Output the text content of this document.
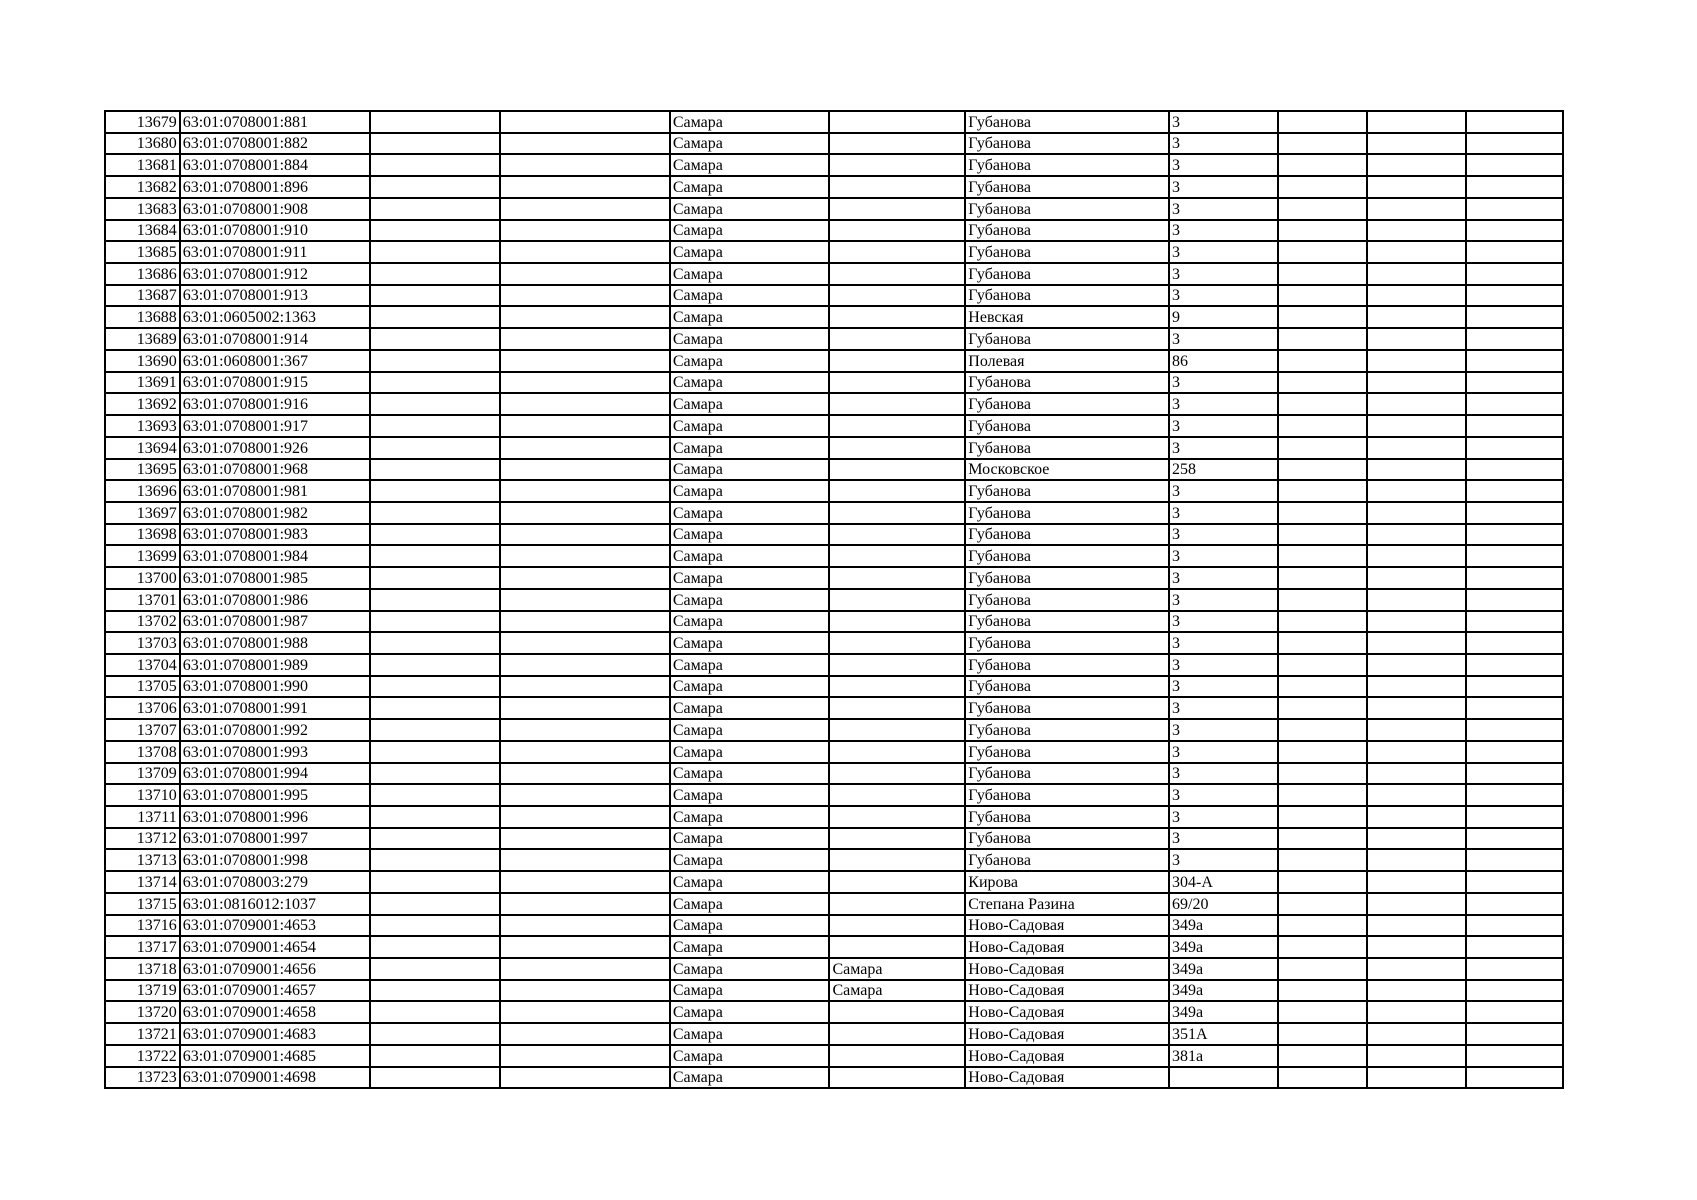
13679	63:01:0708001:881			Самара		Губанова	3			
13680	63:01:0708001:882			Самара		Губанова	3			
13681	63:01:0708001:884			Самара		Губанова	3			
13682	63:01:0708001:896			Самара		Губанова	3			
13683	63:01:0708001:908			Самара		Губанова	3			
13684	63:01:0708001:910			Самара		Губанова	3			
13685	63:01:0708001:911			Самара		Губанова	3			
13686	63:01:0708001:912			Самара		Губанова	3			
13687	63:01:0708001:913			Самара		Губанова	3			
13688	63:01:0605002:1363			Самара		Невская	9			
13689	63:01:0708001:914			Самара		Губанова	3			
13690	63:01:0608001:367			Самара		Полевая	86			
13691	63:01:0708001:915			Самара		Губанова	3			
13692	63:01:0708001:916			Самара		Губанова	3			
13693	63:01:0708001:917			Самара		Губанова	3			
13694	63:01:0708001:926			Самара		Губанова	3			
13695	63:01:0708001:968			Самара		Московское	258			
13696	63:01:0708001:981			Самара		Губанова	3			
13697	63:01:0708001:982			Самара		Губанова	3			
13698	63:01:0708001:983			Самара		Губанова	3			
13699	63:01:0708001:984			Самара		Губанова	3			
13700	63:01:0708001:985			Самара		Губанова	3			
13701	63:01:0708001:986			Самара		Губанова	3			
13702	63:01:0708001:987			Самара		Губанова	3			
13703	63:01:0708001:988			Самара		Губанова	3			
13704	63:01:0708001:989			Самара		Губанова	3			
13705	63:01:0708001:990			Самара		Губанова	3			
13706	63:01:0708001:991			Самара		Губанова	3			
13707	63:01:0708001:992			Самара		Губанова	3			
13708	63:01:0708001:993			Самара		Губанова	3			
13709	63:01:0708001:994			Самара		Губанова	3			
13710	63:01:0708001:995			Самара		Губанова	3			
13711	63:01:0708001:996			Самара		Губанова	3			
13712	63:01:0708001:997			Самара		Губанова	3			
13713	63:01:0708001:998			Самара		Губанова	3			
13714	63:01:0708003:279			Самара		Кирова	304-А			
13715	63:01:0816012:1037			Самара		Степана Разина	69/20			
13716	63:01:0709001:4653			Самара		Ново-Садовая	349а			
13717	63:01:0709001:4654			Самара		Ново-Садовая	349а			
13718	63:01:0709001:4656			Самара	Самара	Ново-Садовая	349а			
13719	63:01:0709001:4657			Самара	Самара	Ново-Садовая	349а			
13720	63:01:0709001:4658			Самара		Ново-Садовая	349а			
13721	63:01:0709001:4683			Самара		Ново-Садовая	351А			
13722	63:01:0709001:4685			Самара		Ново-Садовая	381а			
13723	63:01:0709001:4698			Самара		Ново-Садовая				
